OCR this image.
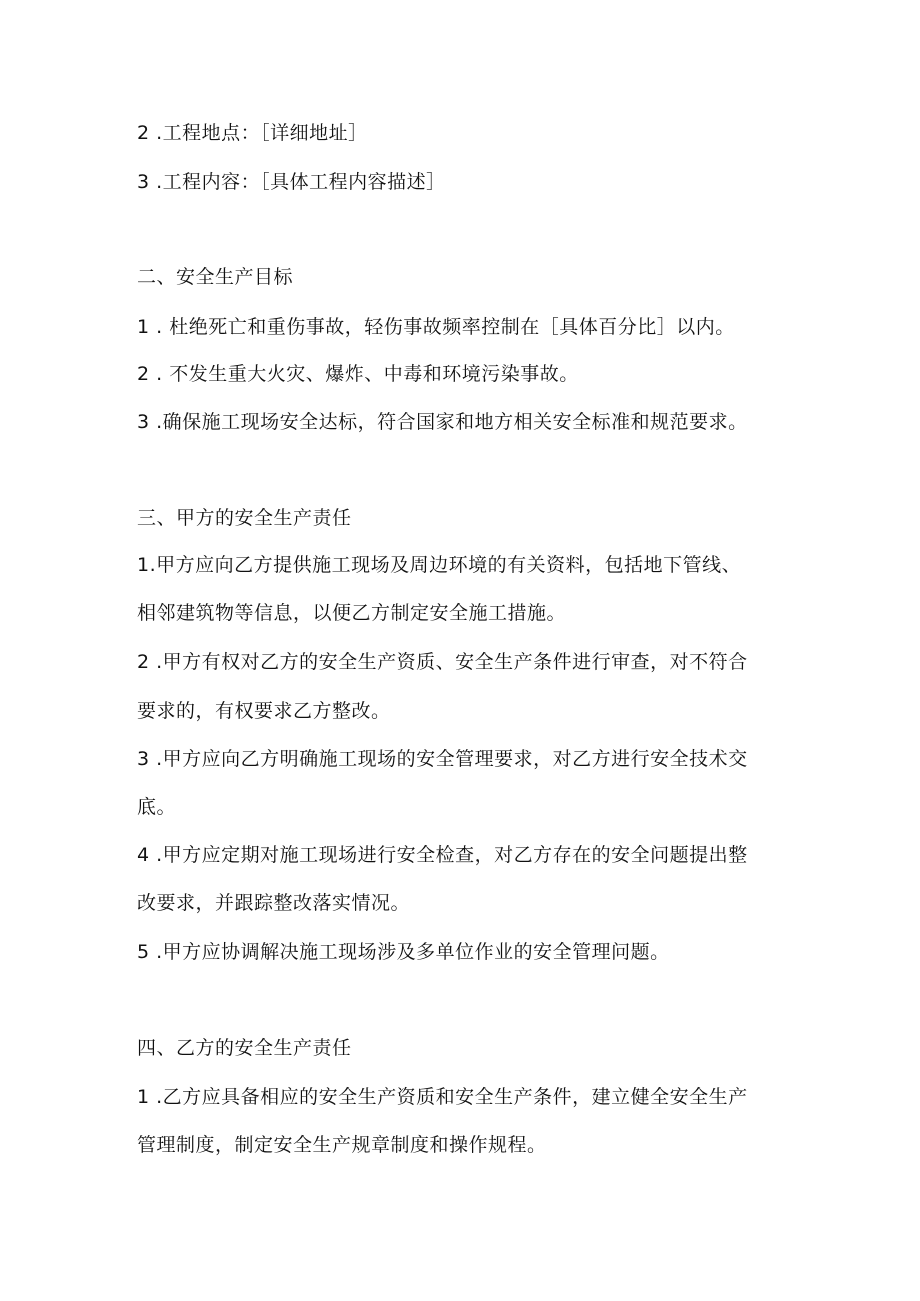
2 .工程地点：［详细地址］
3 .工程内容：［具体工程内容描述］
二、安全生产目标
1 . 杜绝死亡和重伤事故，轻伤事故频率控制在［具体百分比］以内。
2 . 不发生重大火灾、爆炸、中毒和环境污染事故。
3 .确保施工现场安全达标，符合国家和地方相关安全标准和规范要求。
三、甲方的安全生产责任
1.甲方应向乙方提供施工现场及周边环境的有关资料，包括地下管线、
相邻建筑物等信息，以便乙方制定安全施工措施。
2 .甲方有权对乙方的安全生产资质、安全生产条件进行审查，对不符合
要求的，有权要求乙方整改。
3 .甲方应向乙方明确施工现场的安全管理要求，对乙方进行安全技术交
底。
4 .甲方应定期对施工现场进行安全检查，对乙方存在的安全问题提出整
改要求，并跟踪整改落实情况。
5 .甲方应协调解决施工现场涉及多单位作业的安全管理问题。
四、乙方的安全生产责任
1 .乙方应具备相应的安全生产资质和安全生产条件，建立健全安全生产
管理制度，制定安全生产规章制度和操作规程。
